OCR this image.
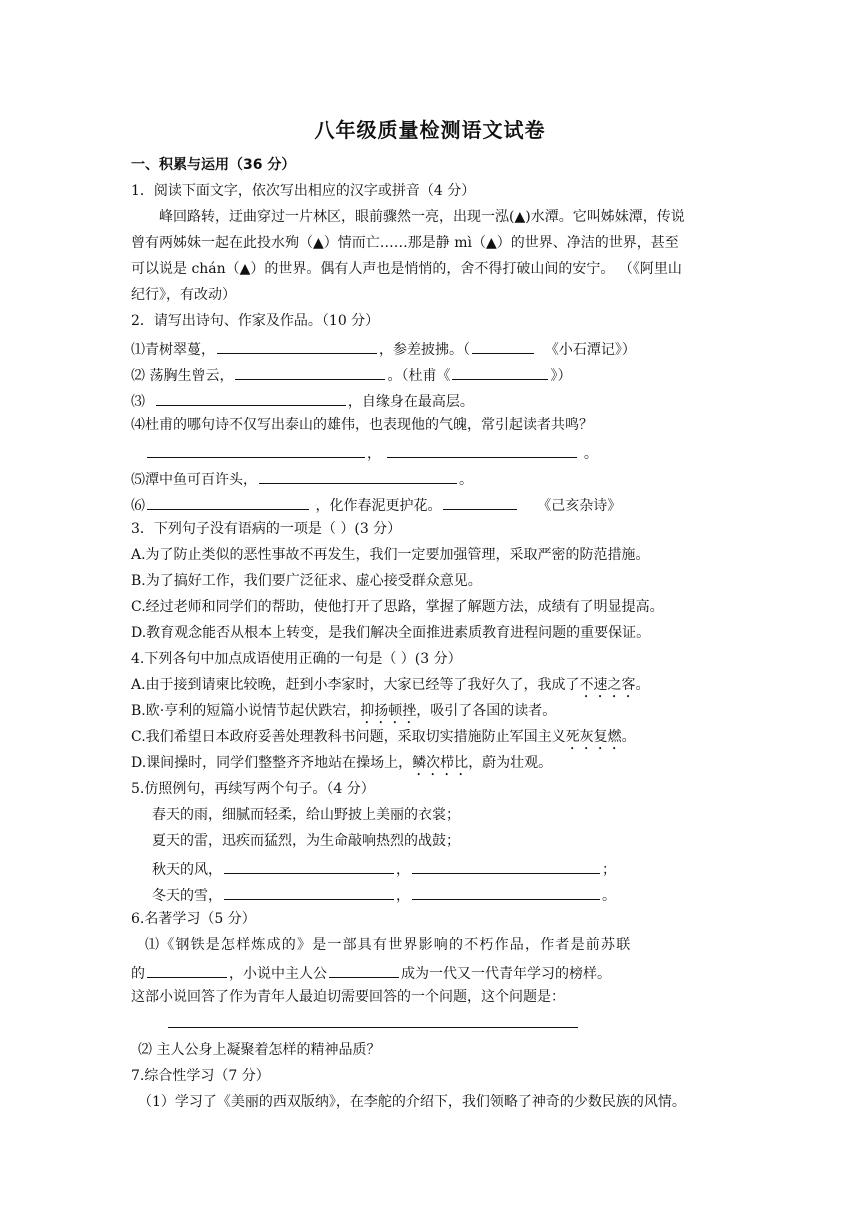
八年级质量检测语文试卷
一、积累与运用（36 分）
1．阅读下面文字，依次写出相应的汉字或拼音（4 分）
峰回路转，迂曲穿过一片林区，眼前骤然一亮，出现一泓(▲)水潭。它叫姊妹潭，传说
曾有两姊妹一起在此投水殉（▲）情而亡……那是静 mì（▲）的世界、净洁的世界，甚至
可以说是 chán（▲）的世界。偶有人声也是悄悄的，舍不得打破山间的安宁。 （《阿里山
纪行》，有改动）
2．请写出诗句、作家及作品。（10 分）
⑴青树翠蔓，	，参差披拂。（	《小石潭记》）
⑵ 荡胸生曾云，	。（杜甫《	》）
⑶	，自缘身在最高层。
⑷杜甫的哪句诗不仅写出泰山的雄伟，也表现他的气魄，常引起读者共鸣？
，	。
⑸潭中鱼可百许头，	。
⑹	，化作春泥更护花。	《己亥杂诗》
3．下列句子没有语病的一项是（ ）(3 分）
A.为了防止类似的恶性事故不再发生，我们一定要加强管理，采取严密的防范措施。
B.为了搞好工作，我们要广泛征求、虚心接受群众意见。
C.经过老师和同学们的帮助，使他打开了思路，掌握了解题方法，成绩有了明显提高。
D.教育观念能否从根本上转变，是我们解决全面推进素质教育进程问题的重要保证。
4.下列各句中加点成语使用正确的一句是（ ）(3 分）
A.由于接到请柬比较晚，赶到小李家时，大家已经等了我好久了，我成了不速之客。
B.欧·亨利的短篇小说情节起伏跌宕，抑扬顿挫，吸引了各国的读者。
C.我们希望日本政府妥善处理教科书问题，采取切实措施防止军国主义死灰复燃。
D.课间操时，同学们整整齐齐地站在操场上，鳞次栉比，蔚为壮观。
5.仿照例句，再续写两个句子。（4 分）
春天的雨，细腻而轻柔，给山野披上美丽的衣裳；
夏天的雷，迅疾而猛烈，为生命敲响热烈的战鼓；
秋天的风，	，	；
冬天的雪，	，	。
6.名著学习（5 分）
⑴《钢铁是怎样炼成的》是一部具有世界影响的不朽作品，作者是前苏联
的	，小说中主人公	成为一代又一代青年学习的榜样。
这部小说回答了作为青年人最迫切需要回答的一个问题，这个问题是：
⑵ 主人公身上凝聚着怎样的精神品质？
7.综合性学习（7 分）
（1）学习了《美丽的西双版纳》，在李舵的介绍下，我们领略了神奇的少数民族的风情。
